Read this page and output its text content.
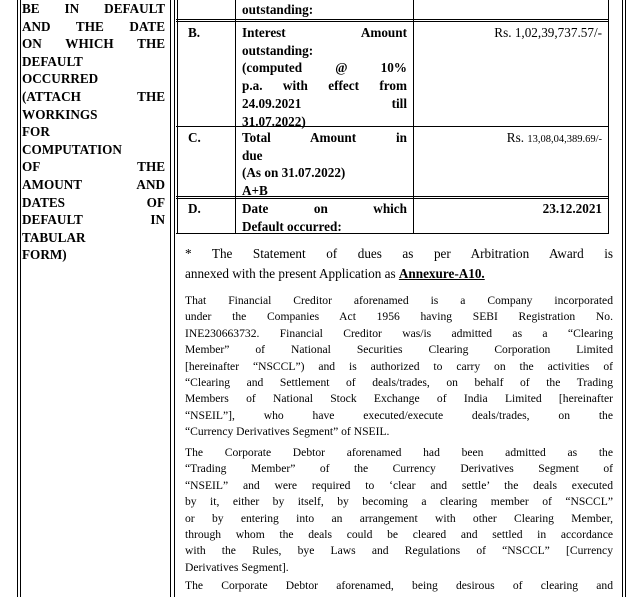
BE IN DEFAULT
AND THE DATE
ON WHICH THE
DEFAULT
OCCURRED
(ATTACH THE
WORKINGS
FOR
COMPUTATION
OF THE
AMOUNT AND
DATES OF
DEFAULT IN
TABULAR
FORM)
outstanding:
B.	Interest Amount
outstanding:
(computed @ 10%
p.a. with effect from
24.09.2021 till
31.07.2022)
Rs. 1,02,39,737.57/-
C.	Total Amount in
due
(As on 31.07.2022)
A+B
Rs. 13,08,04,389.69/-
D.	Date on which
Default occurred:
23.12.2021
* The Statement of dues as per Arbitration Award is
annexed with the present Application as Annexure-A10.
That Financial Creditor aforenamed is a Company incorporated
under the Companies Act 1956 having SEBI Registration No.
INE230663732. Financial Creditor was/is admitted as a “Clearing
Member” of National Securities Clearing Corporation Limited
[hereinafter “NSCCL”) and is authorized to carry on the activities of
“Clearing and Settlement of deals/trades, on behalf of the Trading
Members of National Stock Exchange of India Limited [hereinafter
“NSEIL”], who have executed/execute deals/trades, on the
“Currency Derivatives Segment” of NSEIL.
The Corporate Debtor aforenamed had been admitted as the
“Trading Member” of the Currency Derivatives Segment of
“NSEIL” and were required to ‘clear and settle’ the deals executed
by it, either by itself, by becoming a clearing member of “NSCCL”
or by entering into an arrangement with other Clearing Member,
through whom the deals could be cleared and settled in accordance
with the Rules, bye Laws and Regulations of “NSCCL” [Currency
Derivatives Segment].
The Corporate Debtor aforenamed, being desirous of clearing and
